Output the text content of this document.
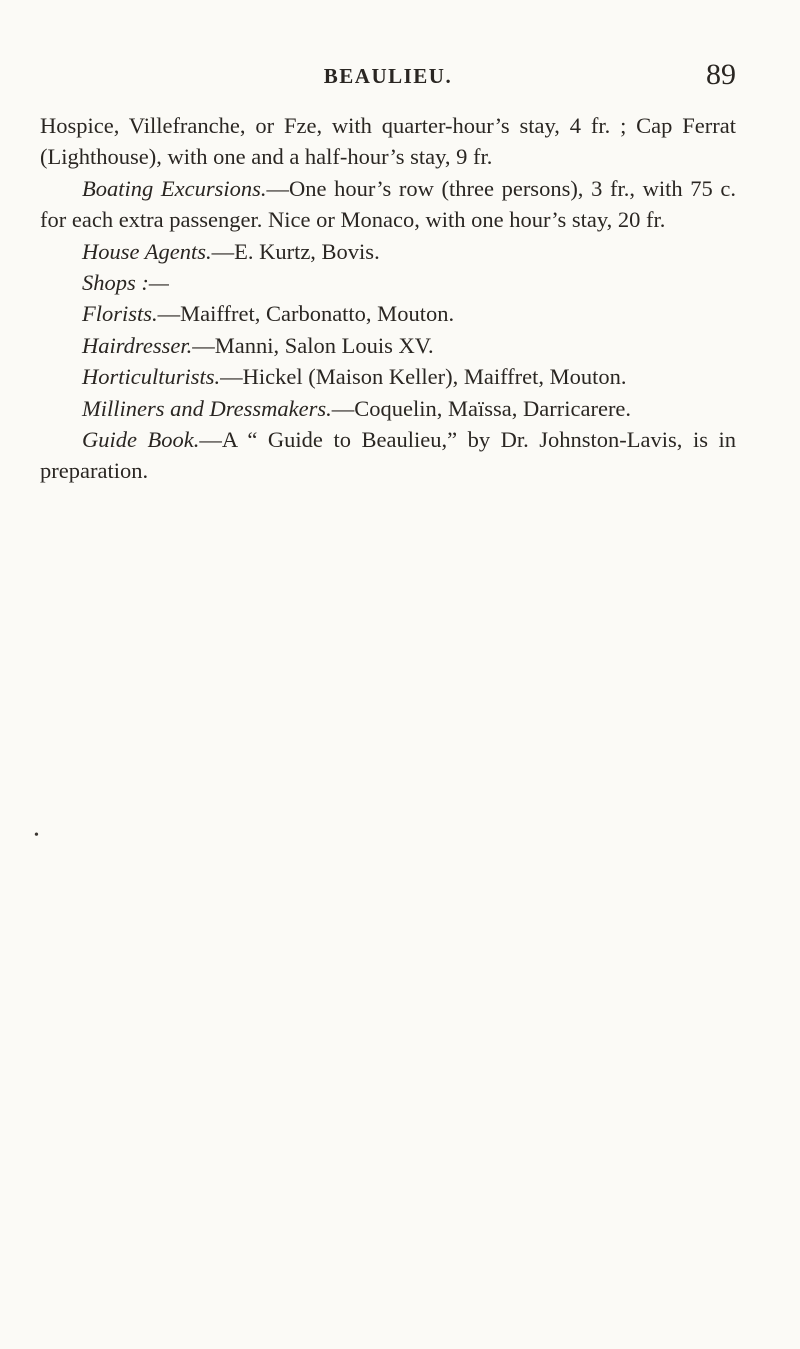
BEAULIEU.	89

Hospice, Villefranche, or Fze, with quarter-hour’s stay, 4 fr. ; Cap Ferrat (Lighthouse), with one and a half-hour’s stay, 9 fr.

Boating Excursions.—One hour’s row (three persons), 3 fr., with 75 c. for each extra passenger. Nice or Monaco, with one hour’s stay, 20 fr.

House Agents.—E. Kurtz, Bovis.
Shops :—
Florists.—Maiffret, Carbonatto, Mouton.
Hairdresser.—Manni, Salon Louis XV.
Horticulturists.—Hickel (Maison Keller), Maiffret, Mouton.
Milliners and Dressmakers.—Coquelin, Maïssa, Darricarere.

Guide Book.—A “ Guide to Beaulieu,” by Dr. Johnston-Lavis, is in preparation.

•
